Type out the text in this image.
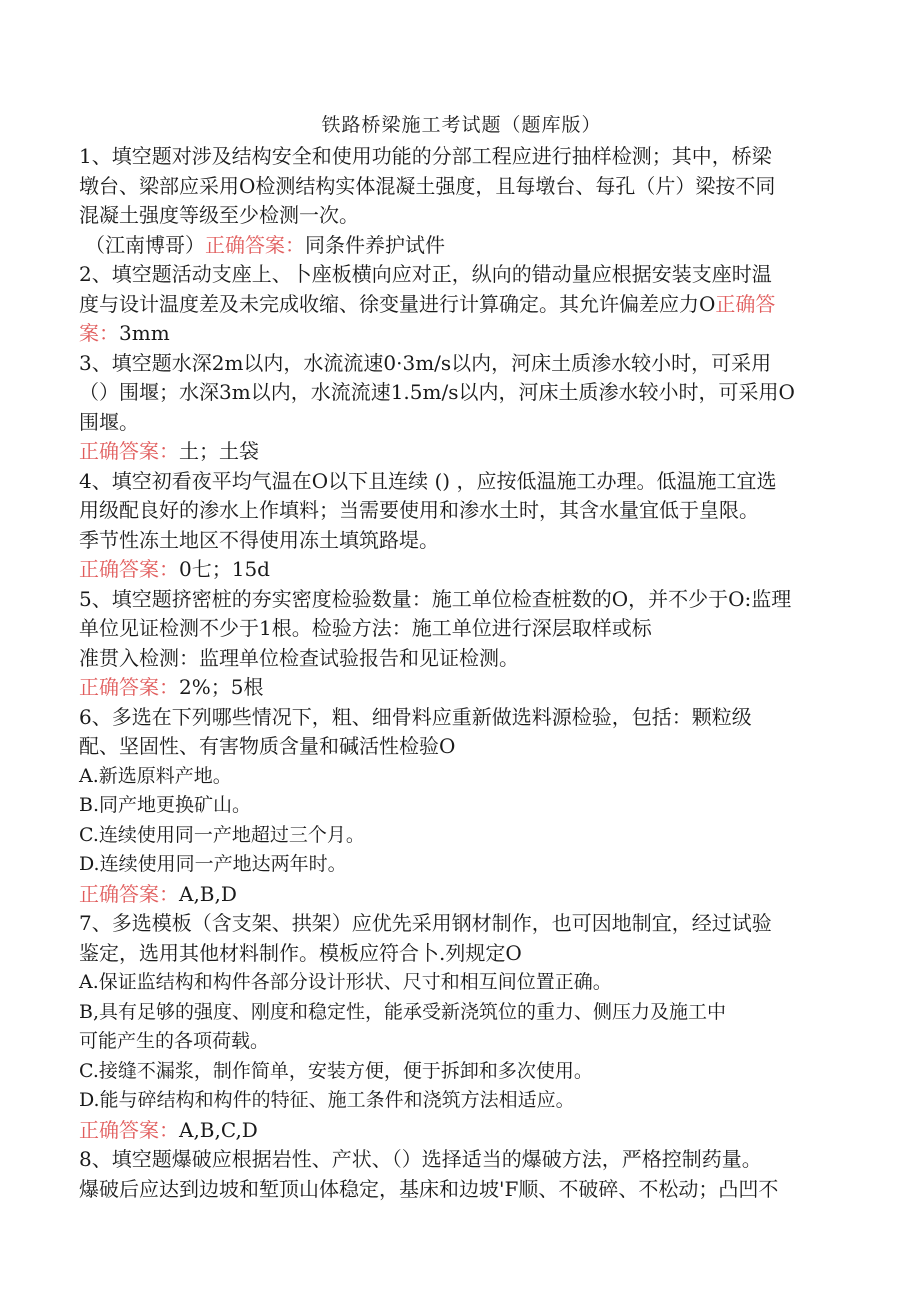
铁路桥梁施工考试题（题库版）

1、填空题对涉及结构安全和使用功能的分部工程应进行抽样检测；其中，桥梁

墩台、梁部应采用O检测结构实体混凝土强度，且每墩台、每孔（片）梁按不同

混凝土强度等级至少检测一次。

（江南博哥）正确答案：同条件养护试件

2、填空题活动支座上、卜座板横向应对正，纵向的错动量应根据安装支座时温

度与设计温度差及未完成收缩、徐变量进行计算确定。其允许偏差应力O正确答

案：3mm

3、填空题水深2m以内，水流流速0·3m/s以内，河床土质渗水较小时，可采用

（）围堰；水深3m以内，水流流速1.5m/s以内，河床土质渗水较小时，可采用O

围堰。

正确答案：土；土袋

4、填空初看夜平均气温在O以下且连续 () ，应按低温施工办理。低温施工宜选

用级配良好的渗水上作填料；当需要使用和渗水土时，其含水量宜低于皇限。

季节性冻土地区不得使用冻土填筑路堤。

正确答案：0七；15d

5、填空题挤密桩的夯实密度检验数量：施工单位检查桩数的O，并不少于O:监理

单位见证检测不少于1根。检验方法：施工单位进行深层取样或标

准贯入检测：监理单位检查试验报告和见证检测。

正确答案：2%；5根

6、多选在下列哪些情况下，粗、细骨料应重新做选料源检验，包括：颗粒级

配、坚固性、有害物质含量和碱活性检验O

A.新选原料产地。

B.同产地更换矿山。

C.连续使用同一产地超过三个月。

D.连续使用同一产地达两年时。

正确答案：A,B,D

7、多选模板（含支架、拱架）应优先采用钢材制作，也可因地制宜，经过试验

鉴定，选用其他材料制作。模板应符合卜.列规定O

A.保证监结构和构件各部分设计形状、尺寸和相互间位置正确。

B,具有足够的强度、刚度和稳定性，能承受新浇筑位的重力、侧压力及施工中

可能产生的各项荷载。

C.接缝不漏浆，制作简单，安装方便，便于拆卸和多次使用。

D.能与碎结构和构件的特征、施工条件和浇筑方法相适应。

正确答案：A,B,C,D

8、填空题爆破应根据岩性、产状、（）选择适当的爆破方法，严格控制药量。

爆破后应达到边坡和堑顶山体稳定，基床和边坡'F顺、不破碎、不松动；凸凹不
